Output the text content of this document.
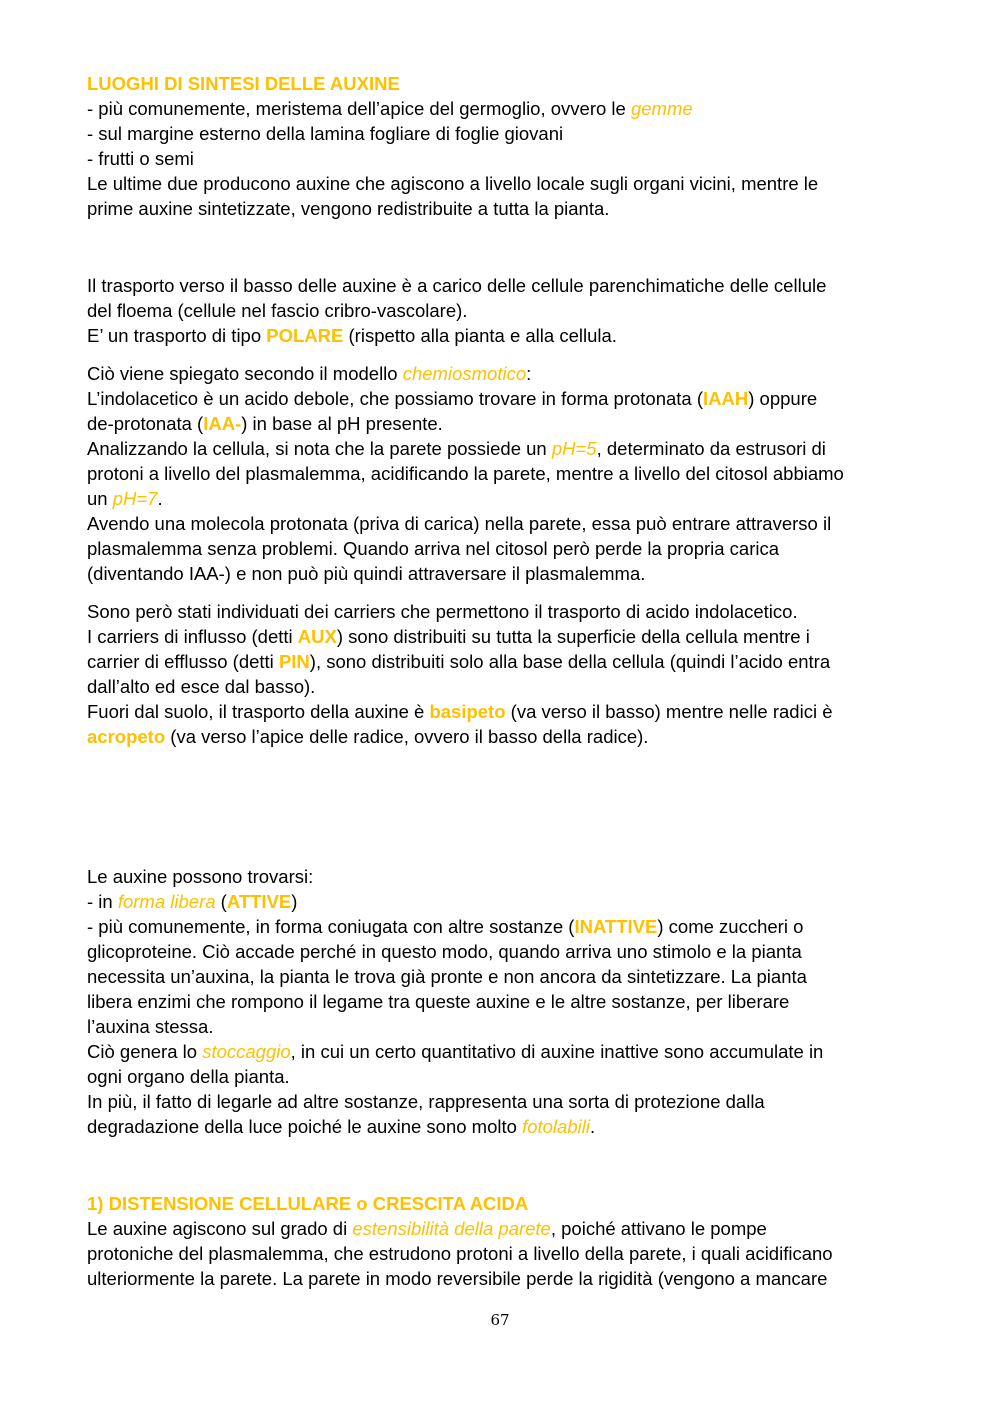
LUOGHI DI SINTESI DELLE AUXINE
- più comunemente, meristema dell’apice del germoglio, ovvero le gemme
- sul margine esterno della lamina fogliare di foglie giovani
- frutti o semi
Le ultime due producono auxine che agiscono a livello locale sugli organi vicini, mentre le
prime auxine sintetizzate, vengono redistribuite a tutta la pianta.
Il trasporto verso il basso delle auxine è a carico delle cellule parenchimatiche delle cellule
del floema (cellule nel fascio cribro-vascolare).
E’ un trasporto di tipo POLARE (rispetto alla pianta e alla cellula.
Ciò viene spiegato secondo il modello chemiosmotico:
L’indolacetico è un acido debole, che possiamo trovare in forma protonata (IAAH) oppure
de-protonata (IAA-) in base al pH presente.
Analizzando la cellula, si nota che la parete possiede un pH=5, determinato da estrusori di
protoni a livello del plasmalemma, acidificando la parete, mentre a livello del citosol abbiamo
un pH=7.
Avendo una molecola protonata (priva di carica) nella parete, essa può entrare attraverso il
plasmalemma senza problemi. Quando arriva nel citosol però perde la propria carica
(diventando IAA-) e non può più quindi attraversare il plasmalemma.
Sono però stati individuati dei carriers che permettono il trasporto di acido indolacetico.
I carriers di influsso (detti AUX) sono distribuiti su tutta la superficie della cellula mentre i
carrier di efflusso (detti PIN), sono distribuiti solo alla base della cellula (quindi l’acido entra
dall’alto ed esce dal basso).
Fuori dal suolo, il trasporto della auxine è basipeto (va verso il basso) mentre nelle radici è
acropeto (va verso l’apice delle radice, ovvero il basso della radice).
Le auxine possono trovarsi:
- in forma libera (ATTIVE)
- più comunemente, in forma coniugata con altre sostanze (INATTIVE) come zuccheri o
glicoproteine. Ciò accade perché in questo modo, quando arriva uno stimolo e la pianta
necessita un’auxina, la pianta le trova già pronte e non ancora da sintetizzare. La pianta
libera enzimi che rompono il legame tra queste auxine e le altre sostanze, per liberare
l’auxina stessa.
Ciò genera lo stoccaggio, in cui un certo quantitativo di auxine inattive sono accumulate in
ogni organo della pianta.
In più, il fatto di legarle ad altre sostanze, rappresenta una sorta di protezione dalla
degradazione della luce poiché le auxine sono molto fotolabili.
1) DISTENSIONE CELLULARE o CRESCITA ACIDA
Le auxine agiscono sul grado di estensibilità della parete, poiché attivano le pompe
protoniche del plasmalemma, che estrudono protoni a livello della parete, i quali acidificano
ulteriormente la parete. La parete in modo reversibile perde la rigidità (vengono a mancare
67
